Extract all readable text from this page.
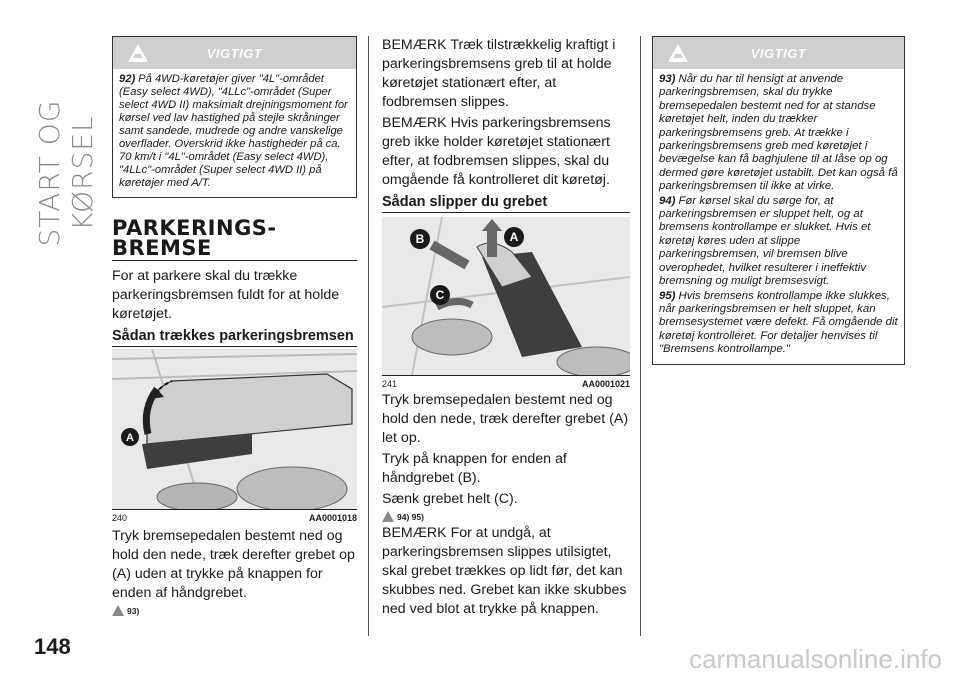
START OG KØRSEL
VIGTIGT

92) På 4WD-køretøjer giver "4L"-området (Easy select 4WD), "4LLc"-området (Super select 4WD II) maksimalt drejningsmoment for kørsel ved lav hastighed på stejle skråninger samt sandede, mudrede og andre vanskelige overflader. Overskrid ikke hastigheder på ca. 70 km/t i "4L"-området (Easy select 4WD), "4LLc"-området (Super select 4WD II) på køretøjer med A/T.

PARKERINGS-
BREMSE

For at parkere skal du trække parkeringsbremsen fuldt for at holde køretøjet.

Sådan trækkes parkeringsbremsen
A
240	AA0001018

Tryk bremsepedalen bestemt ned og hold den nede, træk derefter grebet op (A) uden at trykke på knappen for enden af håndgrebet.

93)

BEMÆRK Træk tilstrækkelig kraftigt i parkeringsbremsens greb til at holde køretøjet stationært efter, at fodbremsen slippes.

BEMÆRK Hvis parkeringsbremsens greb ikke holder køretøjet stationært efter, at fodbremsen slippes, skal du omgående få kontrolleret dit køretøj.

Sådan slipper du grebet
B	A
C
241	AA0001021

Tryk bremsepedalen bestemt ned og hold den nede, træk derefter grebet (A) let op.

Tryk på knappen for enden af håndgrebet (B).

Sænk grebet helt (C).

94) 95)

BEMÆRK For at undgå, at parkeringsbremsen slippes utilsigtet, skal grebet trækkes op lidt før, det kan skubbes ned. Grebet kan ikke skubbes ned ved blot at trykke på knappen.

VIGTIGT

93) Når du har til hensigt at anvende parkeringsbremsen, skal du trykke bremsepedalen bestemt ned for at standse køretøjet helt, inden du trækker parkeringsbremsens greb. At trække i parkeringsbremsens greb med køretøjet i bevægelse kan få baghjulene til at låse op og dermed gøre køretøjet ustabilt. Det kan også få parkeringsbremsen til ikke at virke.

94) Før kørsel skal du sørge for, at parkeringsbremsen er sluppet helt, og at bremsens kontrollampe er slukket. Hvis et køretøj køres uden at slippe parkeringsbremsen, vil bremsen blive overophedet, hvilket resulterer i ineffektiv bremsning og muligt bremsesvigt.

95) Hvis bremsens kontrollampe ikke slukkes, når parkeringsbremsen er helt sluppet, kan bremsesystemet være defekt. Få omgående dit køretøj kontrolleret. For detaljer henvises til "Bremsens kontrollampe."

148	carmanualsonline.info
